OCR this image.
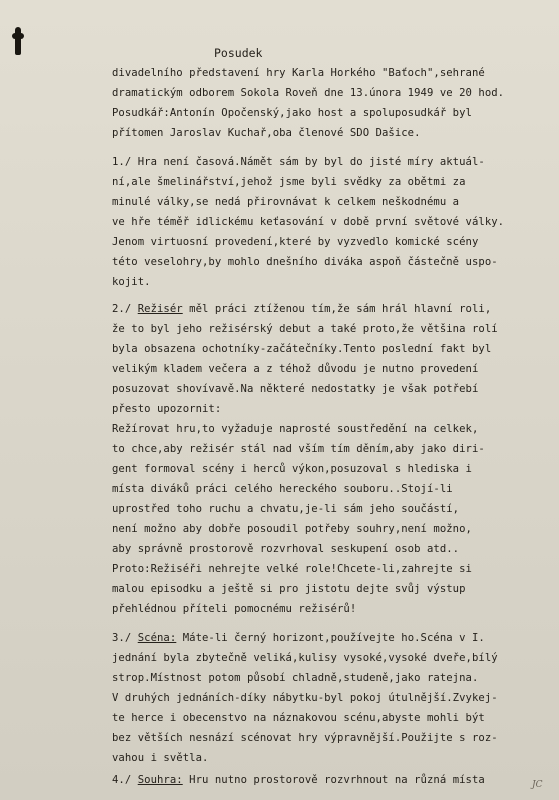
Posudek
divadelního představení hry Karla Horkého "Baťoch",sehrané
dramatickým odborem Sokola Roveň dne 13.února 1949 ve 20 hod.
Posudkář:Antonín Opočenský,jako host a spoluposudkář byl
přítomen Jaroslav Kuchař,oba členové SDO Dašice.
1./ Hra není časová.Námět sám by byl do jisté míry aktuál-
ní,ale šmelinářství,jehož jsme byli svědky za obětmi za
minulé války,se nedá přirovnávat k celkem neškodnému a
ve hře téměř idlickému keťasování v době první světové války.
Jenom virtuosní provedení,které by vyzvedlo komické scény
této veselohry,by mohlo dnešního diváka aspoň částečně uspo-
kojit.
2./ Režisér měl práci ztíženou tím,že sám hrál hlavní roli,
že to byl jeho režisérský debut a také proto,že většina rolí
byla obsazena ochotníky-začátečníky.Tento poslední fakt byl
velikým kladem večera a z téhož důvodu je nutno provedení
posuzovat shovívavě.Na některé nedostatky je však potřebí
přesto upozornit:
Režírovat hru,to vyžaduje naprosté soustředění na celkek,
to chce,aby režisér stál nad vším tím děním,aby jako diri-
gent formoval scény i herců výkon,posuzoval s hlediska i
místa diváků práci celého hereckého souboru..Stojí-li
uprostřed toho ruchu a chvatu,je-li sám jeho součástí,
není možno aby dobře posoudil potřeby souhry,není možno,
aby správně prostorově rozvrhoval seskupení osob atd..
Proto:Režiséři nehrejte velké role!Chcete-li,zahrejte si
malou episodku a ještě si pro jistotu dejte svůj výstup
přehlédnou příteli pomocnému režisérů!
3./ Scéna: Máte-li černý horizont,používejte ho.Scéna v I.
jednání byla zbytečně veliká,kulisy vysoké,vysoké dveře,bílý
strop.Místnost potom působí chladně,studeně,jako ratejna.
V druhých jednáních-díky nábytku-byl pokoj útulnější.Zvykej-
te herce i obecenstvo na náznakovou scénu,abyste mohli být
bez větších nesnází scénovat hry výpravnější.Použijte s roz-
vahou i světla.
4./ Souhra: Hru nutno prostorově rozvrhnout na různá místa	JC
